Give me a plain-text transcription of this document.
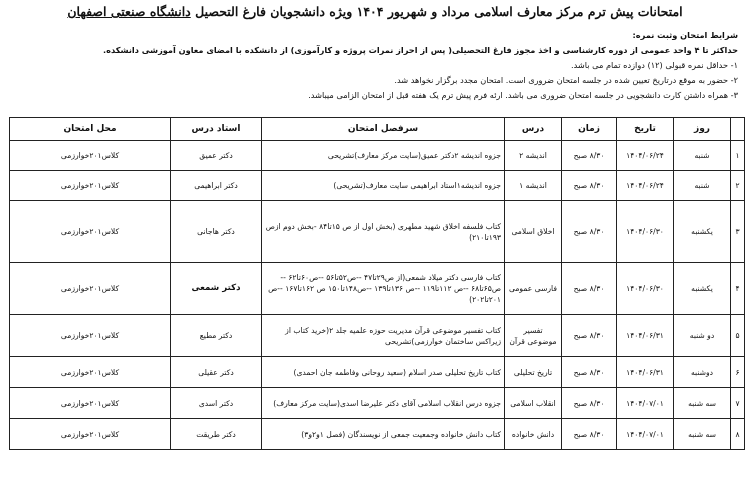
امتحانات پیش ترم مرکز معارف اسلامی مرداد و شهریور ۱۴۰۴ ویژه دانشجویان فارغ التحصیل دانشگاه صنعتی اصفهان
شرایط امتحان وثبت نمره:
حداکثر تا ۴ واحد عمومی از دوره کارشناسی و اخذ مجوز فارغ التحصیلی( پس از احراز نمرات پروژه و کارآموزی) از دانشکده با امضای معاون آموزشی دانشکده.
۱- حداقل نمره قبولی (۱۲) دوازده تمام می باشد.
۲- حضور به موقع درتاریخ تعیین شده در جلسه امتحان ضروری است. امتحان مجدد برگزار نخواهد شد.
۳- همراه داشتن کارت دانشجویی در جلسه امتحان ضروری می باشد. ارئه فرم پیش ترم یک هفته قبل از امتحان الزامی میباشد.
	روز	تاریخ	زمان	درس	سرفصل امتحان	استاد درس	محل امتحان
۱	شنبه	۱۴۰۴/۰۶/۲۴	۸/۳۰ صبح	اندیشه ۲	جزوه اندیشه ۲دکتر عمیق(سایت مرکز معارف)تشریحی	دکتر عمیق	کلاس۲۰۱خوارزمی
۲	شنبه	۱۴۰۴/۰۶/۲۴	۸/۳۰ صبح	اندیشه ۱	جزوه اندیشه۱استاد ابراهیمی سایت معارف(تشریحی)	دکتر ابراهیمی	کلاس۲۰۱خوارزمی
۳	یکشنبه	۱۴۰۴/۰۶/۳۰	۸/۳۰ صبح	اخلاق اسلامی	کتاب فلسفه اخلاق شهید مطهری (بخش اول از ص ۱۵تا۸۴ -بخش دوم ازص ۱۹۳تا۲۱۰)	دکتر هاجانی	کلاس۲۰۱خوارزمی
۴	یکشنبه	۱۴۰۴/۰۶/۳۰	۸/۳۰ صبح	فارسی عمومی	کتاب فارسی دکتر میلاد شمعی(از ص۲۹تا۴۷ --ص۵۲تا۵۶ --ص۶۰تا۶۲ --ص۶۵تا۶۸ --ص ۱۱۲تا۱۱۹ --ص ۱۳۶تا۱۳۹ --ص۱۴۸تا۱۵۰ ص ۱۶۲تا۱۶۷ --ص ۲۰۱تا۲۰۲)	دکتر شمعی	کلاس۲۰۱خوارزمی
۵	دو شنبه	۱۴۰۴/۰۶/۳۱	۸/۳۰ صبح	تفسیر موضوعی قرآن	کتاب تفسیر موضوعی قرآن مدیریت حوزه علمیه جلد ۲(خرید کتاب از زیراکس ساختمان خوارزمی)تشریحی	دکتر مطیع	کلاس۲۰۱خوارزمی
۶	دوشنبه	۱۴۰۴/۰۶/۳۱	۸/۳۰ صبح	تاریخ تحلیلی	کتاب تاریخ تحلیلی صدر اسلام (سعید روحانی وفاطمه جان احمدی)	دکتر عقیلی	کلاس۲۰۱خوارزمی
۷	سه شنبه	۱۴۰۴/۰۷/۰۱	۸/۳۰ صبح	انقلاب اسلامی	جزوه درس انقلاب اسلامی آقای دکتر علیرضا اسدی(سایت مرکز معارف)	دکتر اسدی	کلاس۲۰۱خوارزمی
۸	سه شنبه	۱۴۰۴/۰۷/۰۱	۸/۳۰ صبح	دانش خانواده	کتاب دانش خانواده وجمعیت جمعی از نویسندگان (فصل ۱و۲و۳)	دکتر طریقت	کلاس۲۰۱خوارزمی
